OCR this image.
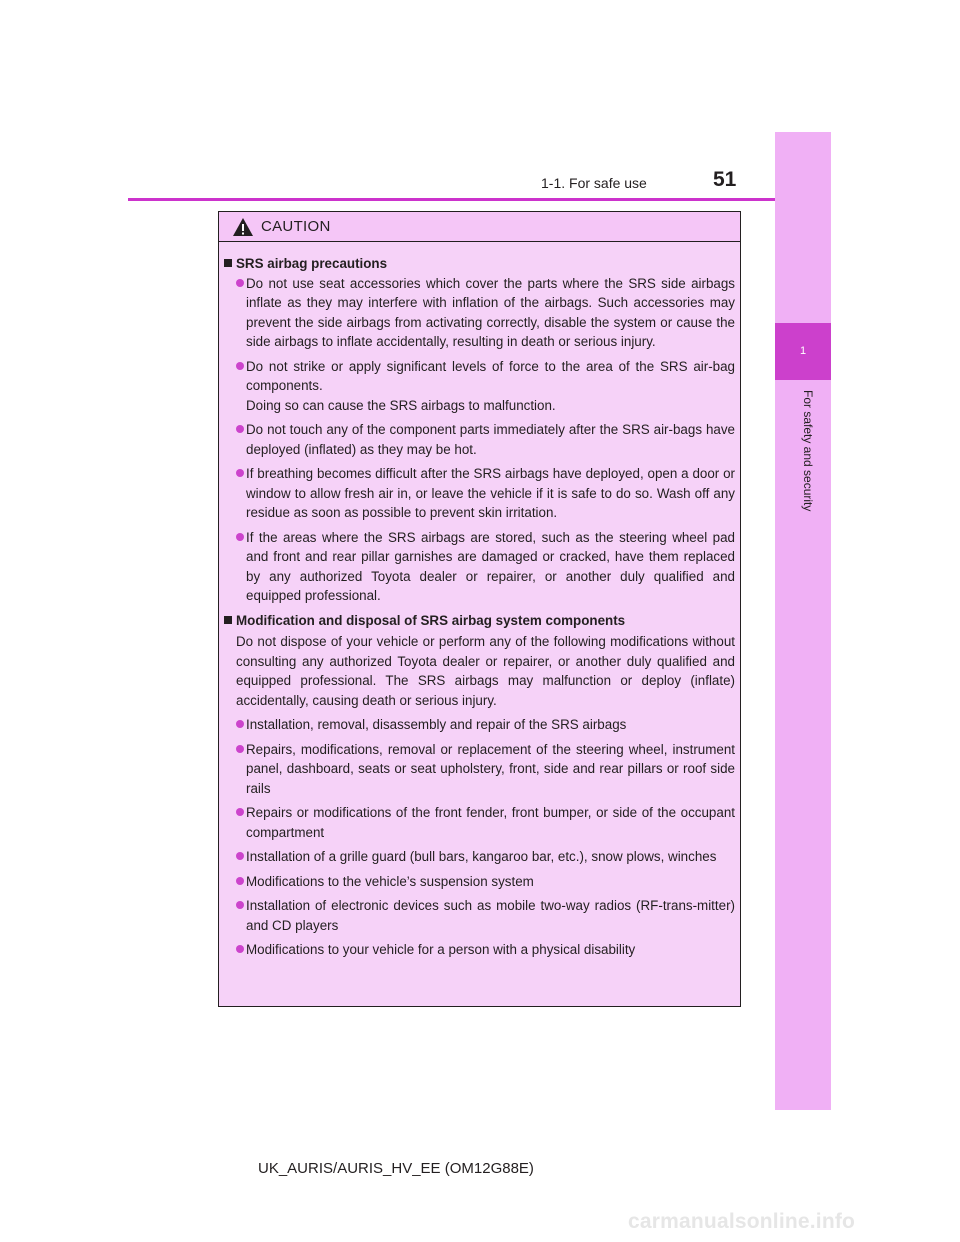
1-1. For safe use	51
1
For safety and security
CAUTION
SRS airbag precautions
Do not use seat accessories which cover the parts where the SRS side airbags inflate as they may interfere with inflation of the airbags. Such accessories may prevent the side airbags from activating correctly, disable the system or cause the side airbags to inflate accidentally, resulting in death or serious injury.
Do not strike or apply significant levels of force to the area of the SRS air-bag components.
Doing so can cause the SRS airbags to malfunction.
Do not touch any of the component parts immediately after the SRS air-bags have deployed (inflated) as they may be hot.
If breathing becomes difficult after the SRS airbags have deployed, open a door or window to allow fresh air in, or leave the vehicle if it is safe to do so. Wash off any residue as soon as possible to prevent skin irritation.
If the areas where the SRS airbags are stored, such as the steering wheel pad and front and rear pillar garnishes are damaged or cracked, have them replaced by any authorized Toyota dealer or repairer, or another duly qualified and equipped professional.
Modification and disposal of SRS airbag system components
Do not dispose of your vehicle or perform any of the following modifications without consulting any authorized Toyota dealer or repairer, or another duly qualified and equipped professional. The SRS airbags may malfunction or deploy (inflate) accidentally, causing death or serious injury.
Installation, removal, disassembly and repair of the SRS airbags
Repairs, modifications, removal or replacement of the steering wheel, instrument panel, dashboard, seats or seat upholstery, front, side and rear pillars or roof side rails
Repairs or modifications of the front fender, front bumper, or side of the occupant compartment
Installation of a grille guard (bull bars, kangaroo bar, etc.), snow plows, winches
Modifications to the vehicle’s suspension system
Installation of electronic devices such as mobile two-way radios (RF-trans-mitter) and CD players
Modifications to your vehicle for a person with a physical disability
UK_AURIS/AURIS_HV_EE (OM12G88E)
carmanualsonline.info
